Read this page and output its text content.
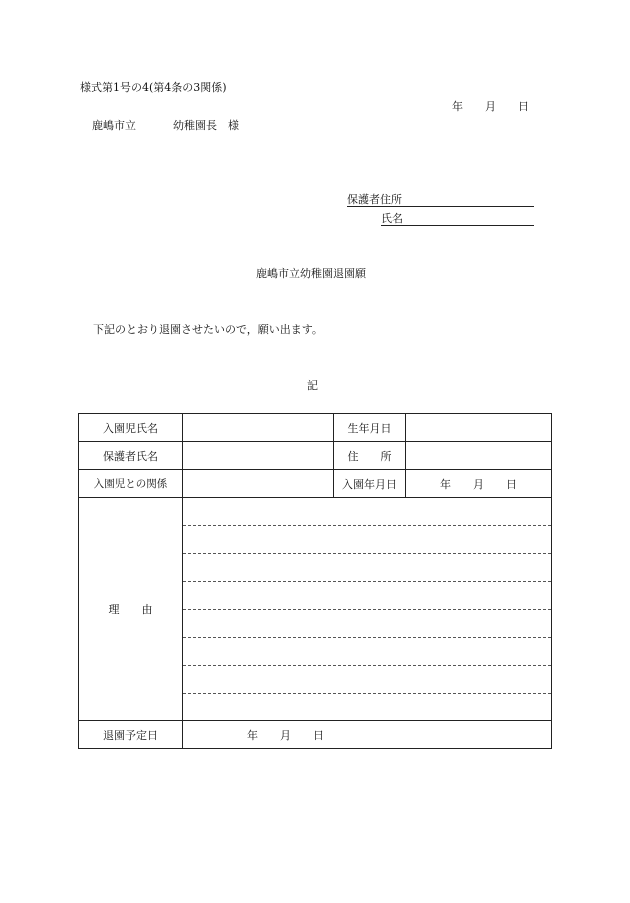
様式第1号の4(第4条の3関係)
年　　月　　日
鹿嶋市立	幼稚園長　様
保護者住所
氏名
鹿嶋市立幼稚園退園願
下記のとおり退園させたいので，願い出ます。
記
入園児氏名		生年月日	
保護者氏名		住　　所	
入園児との関係		入園年月日	年　　月　　日
理　　由			

退園予定日	年　　月　　日		
